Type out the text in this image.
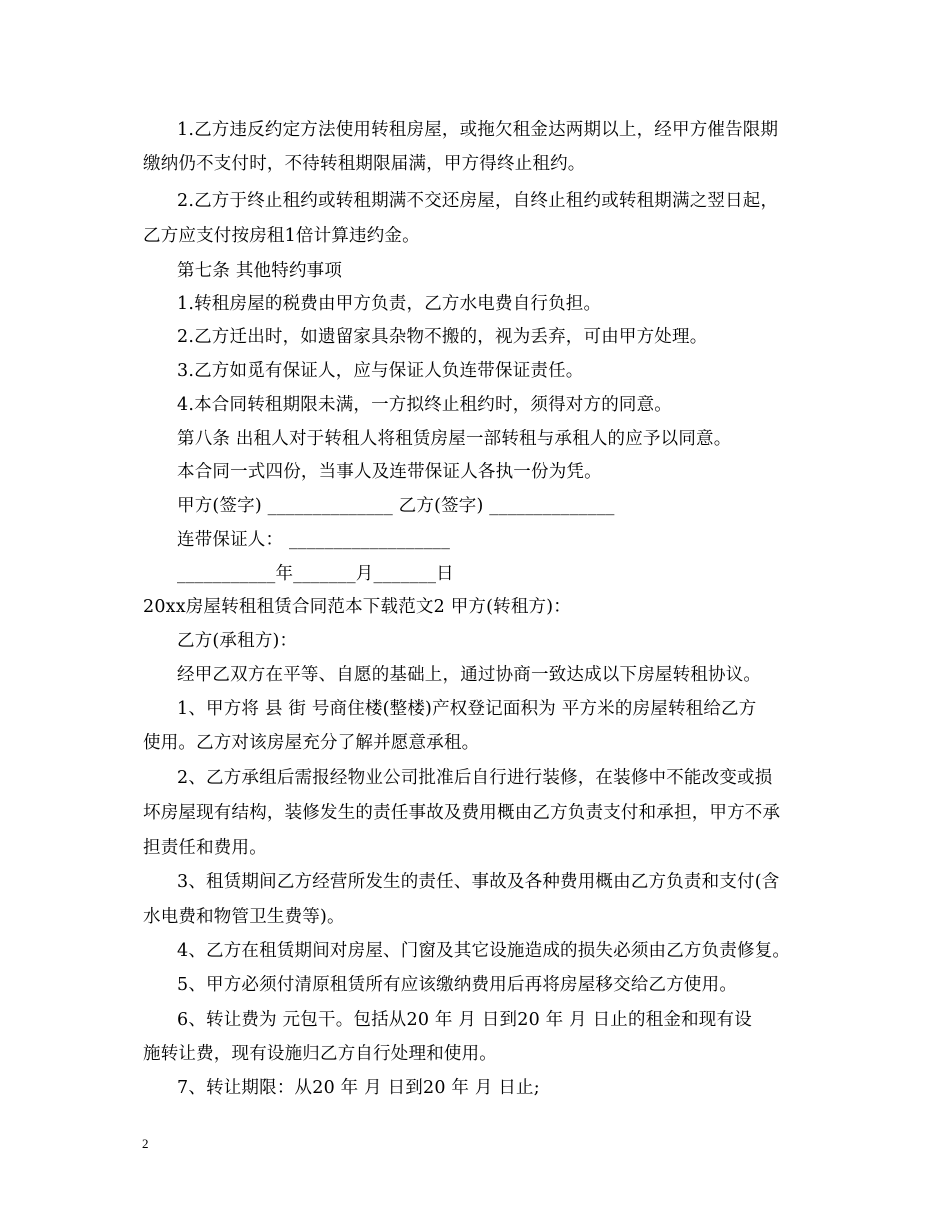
1.乙方违反约定方法使用转租房屋，或拖欠租金达两期以上，经甲方催告限期
缴纳仍不支付时，不待转租期限届满，甲方得终止租约。
2.乙方于终止租约或转租期满不交还房屋，自终止租约或转租期满之翌日起，
乙方应支付按房租1倍计算违约金。
第七条 其他特约事项
1.转租房屋的税费由甲方负责，乙方水电费自行负担。
2.乙方迁出时，如遗留家具杂物不搬的，视为丢弃，可由甲方处理。
3.乙方如觅有保证人，应与保证人负连带保证责任。
4.本合同转租期限未满，一方拟终止租约时，须得对方的同意。
第八条 出租人对于转租人将租赁房屋一部转租与承租人的应予以同意。
本合同一式四份，当事人及连带保证人各执一份为凭。
甲方(签字) ______________ 乙方(签字) ______________
连带保证人： __________________
___________年_______月_______日
20xx房屋转租租赁合同范本下载范文2 甲方(转租方)：
乙方(承租方)：
经甲乙双方在平等、自愿的基础上，通过协商一致达成以下房屋转租协议。
1、甲方将 县 街 号商住楼(整楼)产权登记面积为 平方米的房屋转租给乙方
使用。乙方对该房屋充分了解并愿意承租。
2、乙方承组后需报经物业公司批准后自行进行装修，在装修中不能改变或损
坏房屋现有结构，装修发生的责任事故及费用概由乙方负责支付和承担，甲方不承
担责任和费用。
3、租赁期间乙方经营所发生的责任、事故及各种费用概由乙方负责和支付(含
水电费和物管卫生费等)。
4、乙方在租赁期间对房屋、门窗及其它设施造成的损失必须由乙方负责修复。
5、甲方必须付清原租赁所有应该缴纳费用后再将房屋移交给乙方使用。
6、转让费为 元包干。包括从20 年 月 日到20 年 月 日止的租金和现有设
施转让费，现有设施归乙方自行处理和使用。
7、转让期限：从20 年 月 日到20 年 月 日止;
2
